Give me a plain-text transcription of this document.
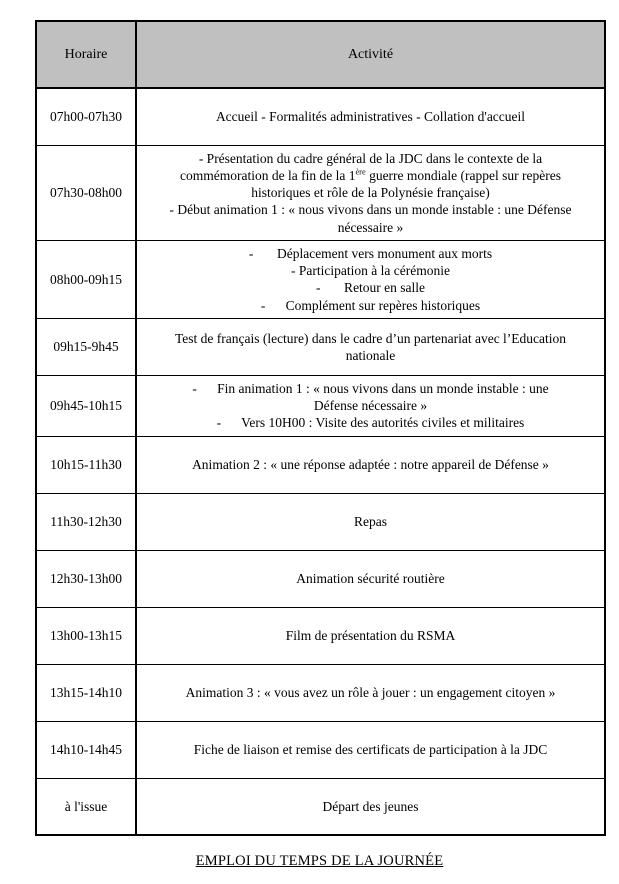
Horaire	Activité
07h00-07h30	Accueil - Formalités administratives - Collation d'accueil

07h30-08h00	- Présentation du cadre général de la JDC dans le contexte de la
commémoration de la fin de la 1ère guerre mondiale (rappel sur repères
historiques et rôle de la Polynésie française)
- Début animation 1 : « nous vivons dans un monde instable : une Défense
nécessaire »

08h00-09h15	-       Déplacement vers monument aux morts
- Participation à la cérémonie
-       Retour en salle
-      Complément sur repères historiques

09h15-9h45	Test de français (lecture) dans le cadre d’un partenariat avec l’Education
nationale

09h45-10h15	-      Fin animation 1 : « nous vivons dans un monde instable : une
Défense nécessaire »
-      Vers 10H00 : Visite des autorités civiles et militaires

10h15-11h30	Animation 2 : « une réponse adaptée : notre appareil de Défense »

11h30-12h30	Repas

12h30-13h00	Animation sécurité routière

13h00-13h15	Film de présentation du RSMA

13h15-14h10	Animation 3 : « vous avez un rôle à jouer : un engagement citoyen »

14h10-14h45	Fiche de liaison et remise des certificats de participation à la JDC

à l'issue	Départ des jeunes
EMPLOI DU TEMPS DE LA JOURNÉE
